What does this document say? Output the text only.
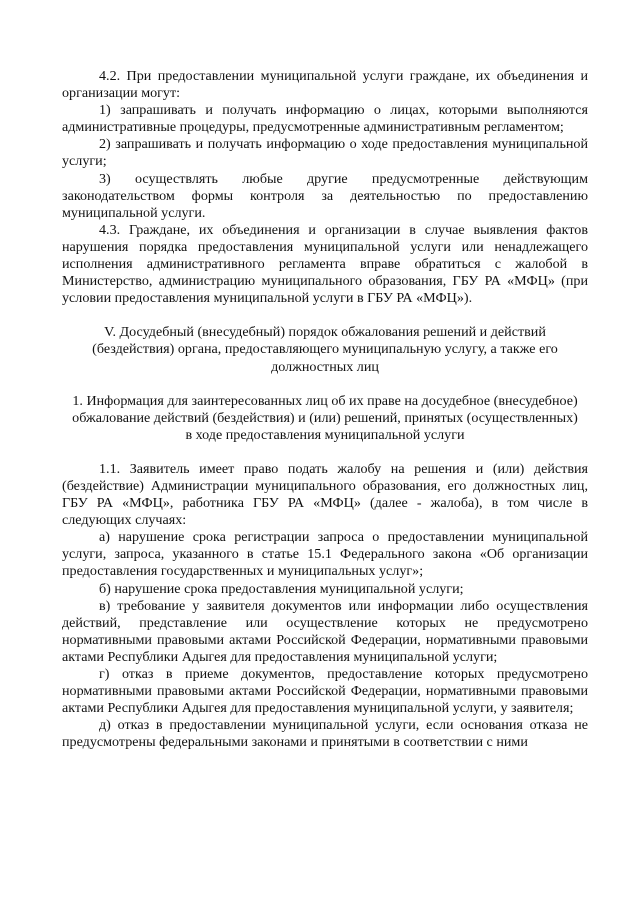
4.2. При предоставлении муниципальной услуги граждане, их объединения и организации могут:

1) запрашивать и получать информацию о лицах, которыми выполняются административные процедуры, предусмотренные административным регламентом;

2) запрашивать и получать информацию о ходе предоставления муниципальной услуги;

3) осуществлять любые другие предусмотренные действующим законодательством формы контроля за деятельностью по предоставлению муниципальной услуги.

4.3. Граждане, их объединения и организации в случае выявления фактов нарушения порядка предоставления муниципальной услуги или ненадлежащего исполнения административного регламента вправе обратиться с жалобой в Министерство, администрацию муниципального образования, ГБУ РА «МФЦ» (при условии предоставления муниципальной услуги в ГБУ РА «МФЦ»).

V. Досудебный (внесудебный) порядок обжалования решений и действий (бездействия) органа, предоставляющего муниципальную услугу, а также его должностных лиц

1. Информация для заинтересованных лиц об их праве на досудебное (внесудебное) обжалование действий (бездействия) и (или) решений, принятых (осуществленных) в ходе предоставления муниципальной услуги

1.1. Заявитель имеет право подать жалобу на решения и (или) действия (бездействие) Администрации муниципального образования, его должностных лиц, ГБУ РА «МФЦ», работника ГБУ РА «МФЦ» (далее - жалоба), в том числе в следующих случаях:

а) нарушение срока регистрации запроса о предоставлении муниципальной услуги, запроса, указанного в статье 15.1 Федерального закона «Об организации предоставления государственных и муниципальных услуг»;

б) нарушение срока предоставления муниципальной услуги;

в) требование у заявителя документов или информации либо осуществления действий, представление или осуществление которых не предусмотрено нормативными правовыми актами Российской Федерации, нормативными правовыми актами Республики Адыгея для предоставления муниципальной услуги;

г) отказ в приеме документов, предоставление которых предусмотрено нормативными правовыми актами Российской Федерации, нормативными правовыми актами Республики Адыгея для предоставления муниципальной услуги, у заявителя;

д) отказ в предоставлении муниципальной услуги, если основания отказа не предусмотрены федеральными законами и принятыми в соответствии с ними
